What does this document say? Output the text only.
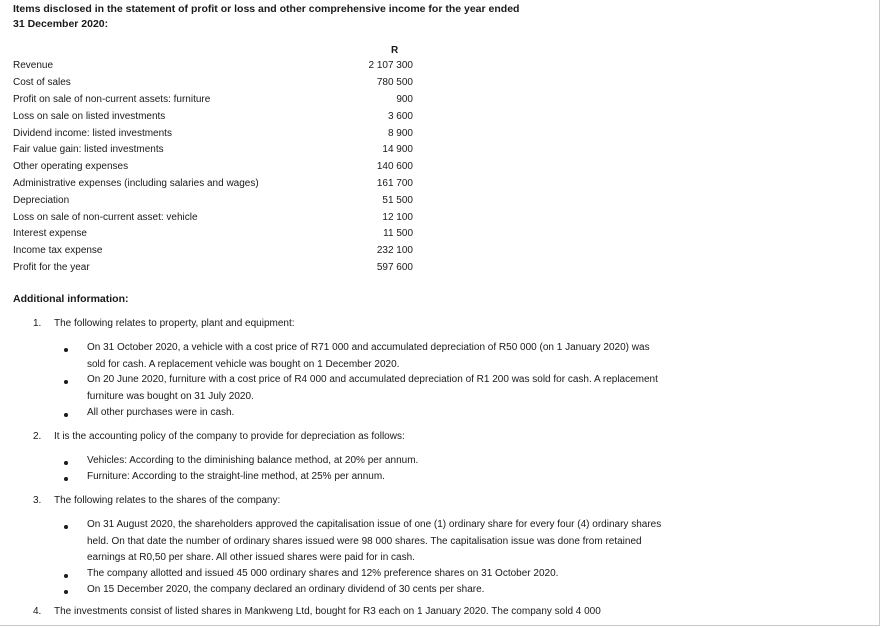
Items disclosed in the statement of profit or loss and other comprehensive income for the year ended
31 December 2020:
R
Revenue	2 107 300
Cost of sales	780 500
Profit on sale of non-current assets: furniture	900
Loss on sale on listed investments	3 600
Dividend income: listed investments	8 900
Fair value gain: listed investments	14 900
Other operating expenses	140 600
Administrative expenses (including salaries and wages)	161 700
Depreciation	51 500
Loss on sale of non-current asset: vehicle	12 100
Interest expense	11 500
Income tax expense	232 100
Profit for the year	597 600
Additional information:
1. The following relates to property, plant and equipment:
On 31 October 2020, a vehicle with a cost price of R71 000 and accumulated depreciation of R50 000 (on 1 January 2020) was sold for cash. A replacement vehicle was bought on 1 December 2020.
On 20 June 2020, furniture with a cost price of R4 000 and accumulated depreciation of R1 200 was sold for cash. A replacement furniture was bought on 31 July 2020.
All other purchases were in cash.
2. It is the accounting policy of the company to provide for depreciation as follows:
Vehicles: According to the diminishing balance method, at 20% per annum.
Furniture: According to the straight-line method, at 25% per annum.
3. The following relates to the shares of the company:
On 31 August 2020, the shareholders approved the capitalisation issue of one (1) ordinary share for every four (4) ordinary shares held. On that date the number of ordinary shares issued were 98 000 shares. The capitalisation issue was done from retained earnings at R0,50 per share. All other issued shares were paid for in cash.
The company allotted and issued 45 000 ordinary shares and 12% preference shares on 31 October 2020.
On 15 December 2020, the company declared an ordinary dividend of 30 cents per share.
4. The investments consist of listed shares in Mankweng Ltd, bought for R3 each on 1 January 2020. The company sold 4 000
